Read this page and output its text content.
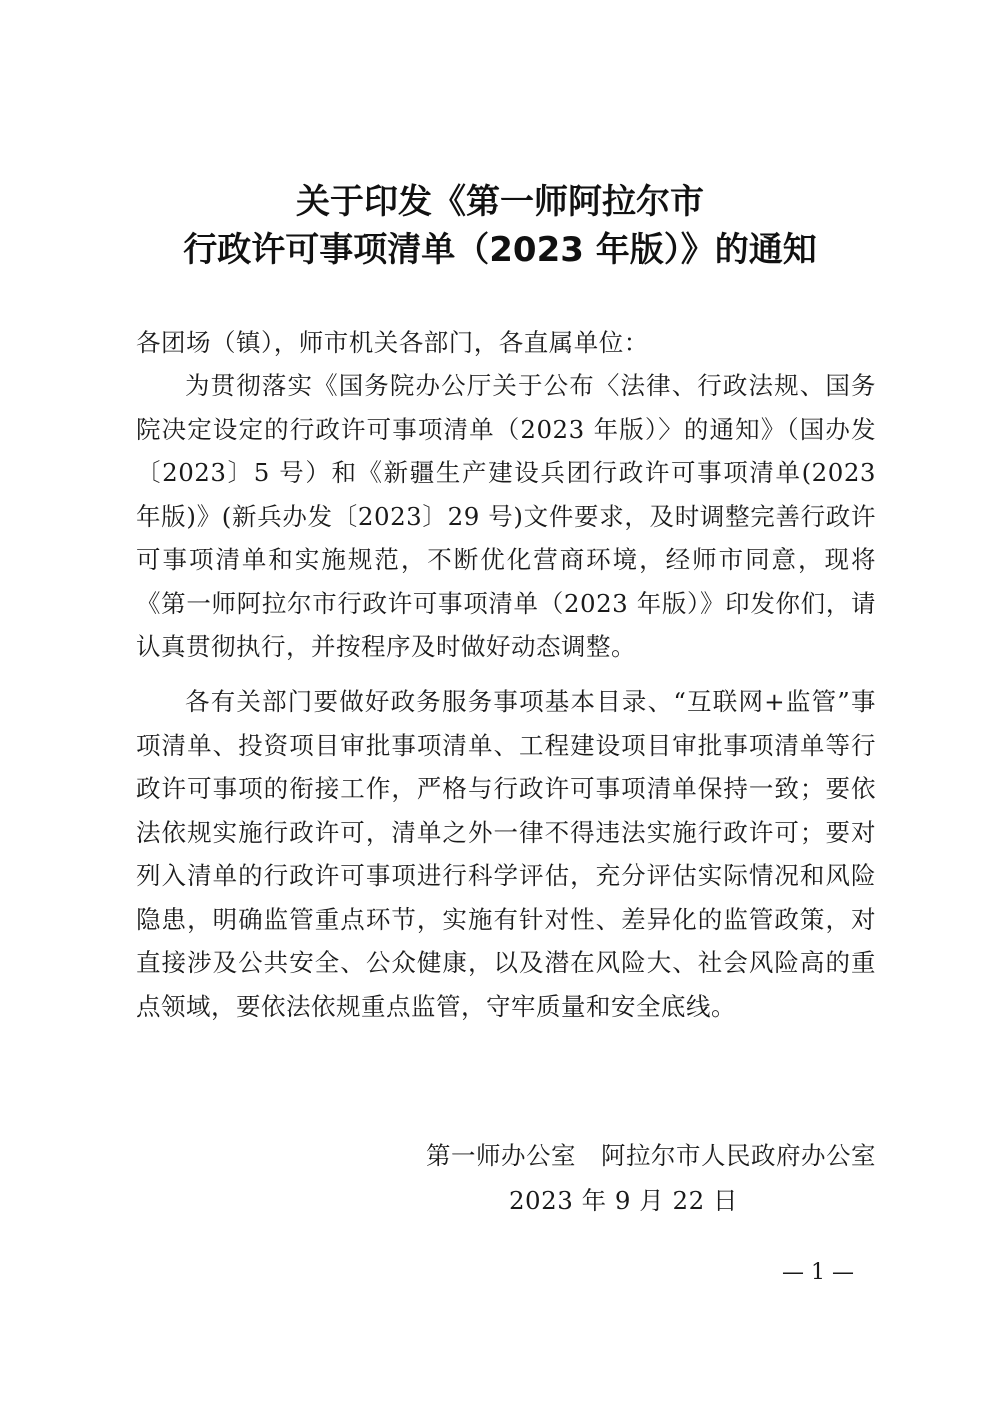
关于印发《第一师阿拉尔市
行政许可事项清单（2023 年版）》的通知
各团场（镇），师市机关各部门，各直属单位：

为贯彻落实《国务院办公厅关于公布〈法律、行政法规、国务院决定设定的行政许可事项清单（2023 年版）〉的通知》（国办发〔2023〕5 号）和《新疆生产建设兵团行政许可事项清单(2023 年版)》(新兵办发〔2023〕29 号)文件要求，及时调整完善行政许可事项清单和实施规范，不断优化营商环境，经师市同意，现将《第一师阿拉尔市行政许可事项清单（2023 年版）》印发你们，请认真贯彻执行，并按程序及时做好动态调整。

各有关部门要做好政务服务事项基本目录、“互联网+监管”事项清单、投资项目审批事项清单、工程建设项目审批事项清单等行政许可事项的衔接工作，严格与行政许可事项清单保持一致；要依法依规实施行政许可，清单之外一律不得违法实施行政许可；要对列入清单的行政许可事项进行科学评估，充分评估实际情况和风险隐患，明确监管重点环节，实施有针对性、差异化的监管政策，对直接涉及公共安全、公众健康，以及潜在风险大、社会风险高的重点领域，要依法依规重点监管，守牢质量和安全底线。

第一师办公室　阿拉尔市人民政府办公室
2023 年 9 月 22 日
— 1 —
